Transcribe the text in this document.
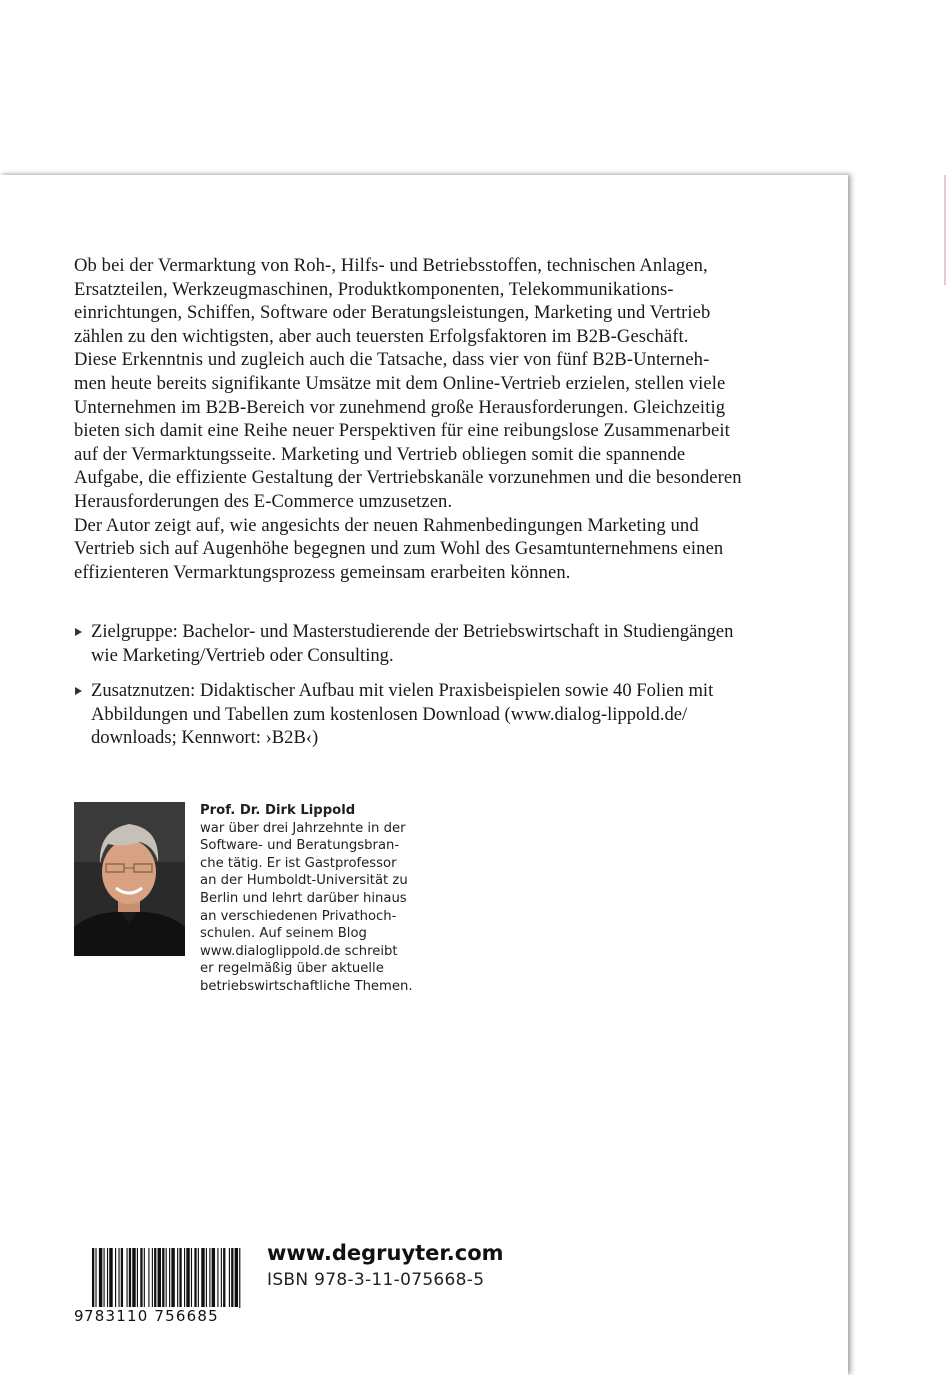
Ob bei der Vermarktung von Roh-, Hilfs- und Betriebsstoffen, technischen Anlagen,
Ersatzteilen, Werkzeugmaschinen, Produktkomponenten, Telekommunikations-
einrichtungen, Schiffen, Software oder Beratungsleistungen, Marketing und Vertrieb
zählen zu den wichtigsten, aber auch teuersten Erfolgsfaktoren im B2B-Geschäft.
Diese Erkenntnis und zugleich auch die Tatsache, dass vier von fünf B2B-Unterneh-
men heute bereits signifikante Umsätze mit dem Online-Vertrieb erzielen, stellen viele
Unternehmen im B2B-Bereich vor zunehmend große Herausforderungen. Gleichzeitig
bieten sich damit eine Reihe neuer Perspektiven für eine reibungslose Zusammenarbeit
auf der Vermarktungsseite. Marketing und Vertrieb obliegen somit die spannende
Aufgabe, die effiziente Gestaltung der Vertriebskanäle vorzunehmen und die besonderen
Herausforderungen des E-Commerce umzusetzen.
Der Autor zeigt auf, wie angesichts der neuen Rahmenbedingungen Marketing und
Vertrieb sich auf Augenhöhe begegnen und zum Wohl des Gesamtunternehmens einen
effizienteren Vermarktungsprozess gemeinsam erarbeiten können.
Zielgruppe: Bachelor- und Masterstudierende der Betriebswirtschaft in Studiengängen
wie Marketing/Vertrieb oder Consulting.
Zusatznutzen: Didaktischer Aufbau mit vielen Praxisbeispielen sowie 40 Folien mit
Abbildungen und Tabellen zum kostenlosen Download (www.dialog-lippold.de/
downloads; Kennwort: ›B2B‹)
Prof. Dr. Dirk Lippold
war über drei Jahrzehnte in der
Software- und Beratungsbran-
che tätig. Er ist Gastprofessor
an der Humboldt-Universität zu
Berlin und lehrt darüber hinaus
an verschiedenen Privathoch-
schulen. Auf seinem Blog
www.dialoglippold.de schreibt
er regelmäßig über aktuelle
betriebswirtschaftliche Themen.
9 783110 756685
www.degruyter.com
ISBN 978-3-11-075668-5
